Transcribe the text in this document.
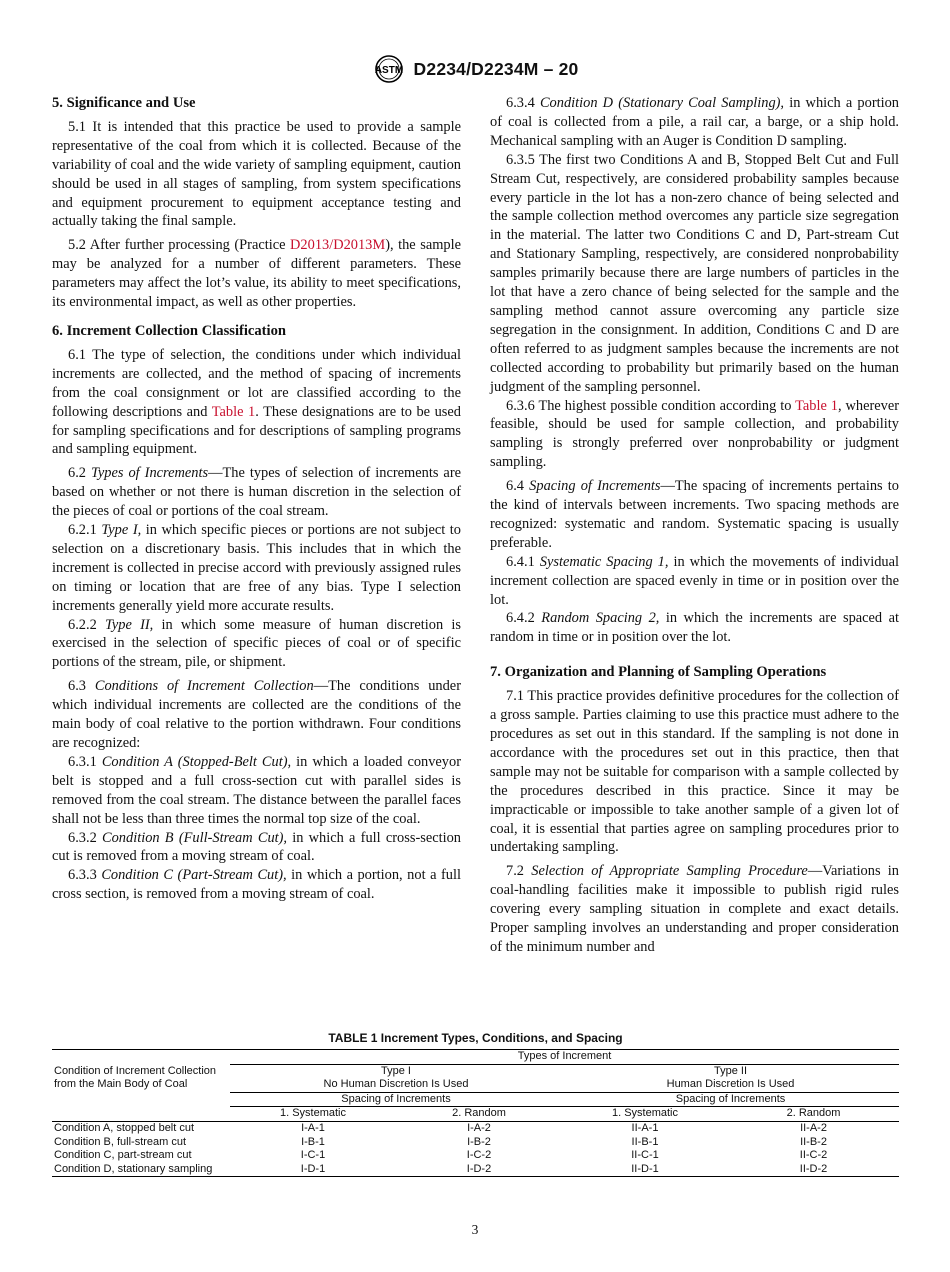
ASTM D2234/D2234M – 20
5. Significance and Use

5.1 It is intended that this practice be used to provide a sample representative of the coal from which it is collected. Because of the variability of coal and the wide variety of sampling equipment, caution should be used in all stages of sampling, from system specifications and equipment procurement to equipment acceptance testing and actually taking the final sample.

5.2 After further processing (Practice D2013/D2013M), the sample may be analyzed for a number of different parameters. These parameters may affect the lot’s value, its ability to meet specifications, its environmental impact, as well as other properties.

6. Increment Collection Classification

6.1 The type of selection, the conditions under which individual increments are collected, and the method of spacing of increments from the coal consignment or lot are classified according to the following descriptions and Table 1. These designations are to be used for sampling specifications and for descriptions of sampling programs and sampling equipment.

6.2 Types of Increments—The types of selection of increments are based on whether or not there is human discretion in the selection of the pieces of coal or portions of the coal stream.

6.2.1 Type I, in which specific pieces or portions are not subject to selection on a discretionary basis. This includes that in which the increment is collected in precise accord with previously assigned rules on timing or location that are free of any bias. Type I selection increments generally yield more accurate results.

6.2.2 Type II, in which some measure of human discretion is exercised in the selection of specific pieces of coal or of specific portions of the stream, pile, or shipment.

6.3 Conditions of Increment Collection—The conditions under which individual increments are collected are the conditions of the main body of coal relative to the portion withdrawn. Four conditions are recognized:

6.3.1 Condition A (Stopped-Belt Cut), in which a loaded conveyor belt is stopped and a full cross-section cut with parallel sides is removed from the coal stream. The distance between the parallel faces shall not be less than three times the normal top size of the coal.

6.3.2 Condition B (Full-Stream Cut), in which a full cross-section cut is removed from a moving stream of coal.

6.3.3 Condition C (Part-Stream Cut), in which a portion, not a full cross section, is removed from a moving stream of coal.

6.3.4 Condition D (Stationary Coal Sampling), in which a portion of coal is collected from a pile, a rail car, a barge, or a ship hold. Mechanical sampling with an Auger is Condition D sampling.

6.3.5 The first two Conditions A and B, Stopped Belt Cut and Full Stream Cut, respectively, are considered probability samples because every particle in the lot has a non-zero chance of being selected and the sample collection method overcomes any particle size segregation in the material. The latter two Conditions C and D, Part-stream Cut and Stationary Sampling, respectively, are considered nonprobability samples primarily because there are large numbers of particles in the lot that have a zero chance of being selected for the sample and the sampling method cannot assure overcoming any particle size segregation in the consignment. In addition, Conditions C and D are often referred to as judgment samples because the increments are not collected according to probability but primarily based on the human judgment of the sampling personnel.

6.3.6 The highest possible condition according to Table 1, wherever feasible, should be used for sample collection, and probability sampling is strongly preferred over nonprobability or judgment sampling.

6.4 Spacing of Increments—The spacing of increments pertains to the kind of intervals between increments. Two spacing methods are recognized: systematic and random. Systematic spacing is usually preferable.

6.4.1 Systematic Spacing 1, in which the movements of individual increment collection are spaced evenly in time or in position over the lot.

6.4.2 Random Spacing 2, in which the increments are spaced at random in time or in position over the lot.

7. Organization and Planning of Sampling Operations

7.1 This practice provides definitive procedures for the collection of a gross sample. Parties claiming to use this practice must adhere to the procedures as set out in this standard. If the sampling is not done in accordance with the procedures set out in this practice, then that sample may not be suitable for comparison with a sample collected by the procedures described in this practice. Since it may be impracticable or impossible to take another sample of a given lot of coal, it is essential that parties agree on sampling procedures prior to undertaking sampling.

7.2 Selection of Appropriate Sampling Procedure—Variations in coal-handling facilities make it impossible to publish rigid rules covering every sampling situation in complete and exact details. Proper sampling involves an understanding and proper consideration of the minimum number and

TABLE 1 Increment Types, Conditions, and Spacing
Condition of Increment Collection
from the Main Body of Coal	Types of Increment			
	Type I		Type II	
	No Human Discretion Is Used		Human Discretion Is Used	
	Spacing of Increments		Spacing of Increments	
	1. Systematic	2. Random	1. Systematic	2. Random
Condition A, stopped belt cut	I-A-1	I-A-2	II-A-1	II-A-2
Condition B, full-stream cut	I-B-1	I-B-2	II-B-1	II-B-2
Condition C, part-stream cut	I-C-1	I-C-2	II-C-1	II-C-2
Condition D, stationary sampling	I-D-1	I-D-2	II-D-1	II-D-2
3
